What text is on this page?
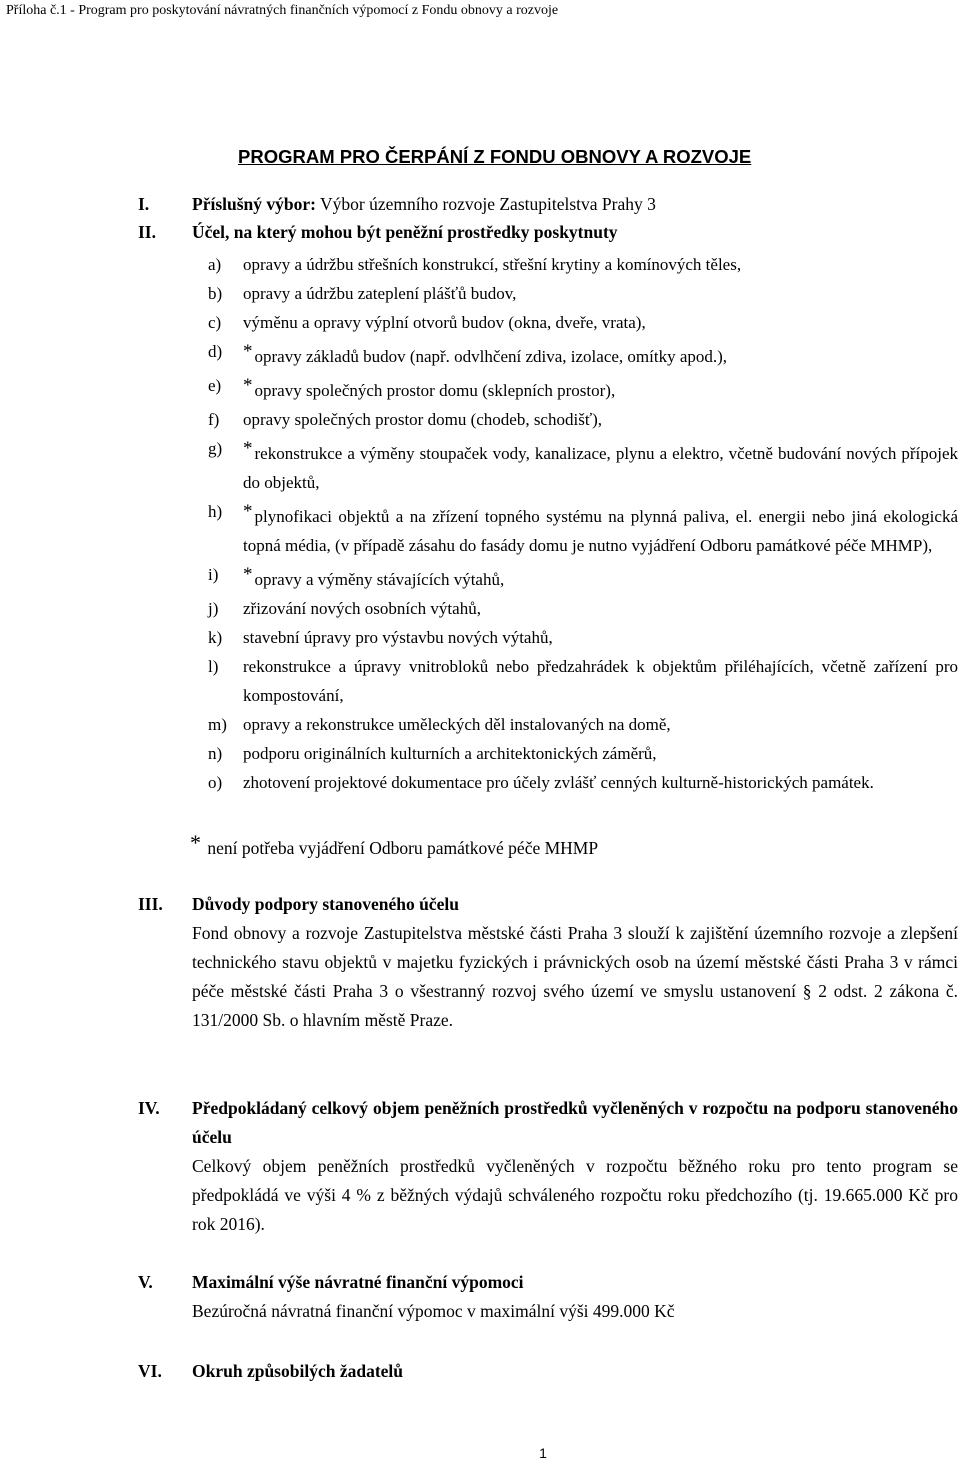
Příloha č.1 - Program pro poskytování návratných finančních výpomocí z Fondu obnovy a rozvoje
PROGRAM PRO ČERPÁNÍ Z FONDU OBNOVY A ROZVOJE
I.	Příslušný výbor: Výbor územního rozvoje Zastupitelstva Prahy 3
II.	Účel, na který mohou být peněžní prostředky poskytnuty
a) opravy a údržbu střešních konstrukcí, střešní krytiny a komínových těles,
b) opravy a údržbu zateplení plášťů budov,
c) výměnu a opravy výplní otvorů budov (okna, dveře, vrata),
d) * opravy základů budov (např. odvlhčení zdiva, izolace, omítky apod.),
e) * opravy společných prostor domu (sklepních prostor),
f) opravy společných prostor domu (chodeb, schodišť),
g) * rekonstrukce a výměny stoupaček vody, kanalizace, plynu a elektro, včetně budování nových přípojek do objektů,
h) * plynofikaci objektů a na zřízení topného systému na plynná paliva, el. energii nebo jiná ekologická topná média, (v případě zásahu do fasády domu je nutno vyjádření Odboru památkové péče MHMP),
i) * opravy a výměny stávajících výtahů,
j) zřizování nových osobních výtahů,
k) stavební úpravy pro výstavbu nových výtahů,
l) rekonstrukce a úpravy vnitrobloků nebo předzahrádek k objektům přiléhajících, včetně zařízení pro kompostování,
m) opravy a rekonstrukce uměleckých děl instalovaných na domě,
n) podporu originálních kulturních a architektonických záměrů,
o) zhotovení projektové dokumentace pro účely zvlášť cenných kulturně-historických památek.
* není potřeba vyjádření Odboru památkové péče MHMP
III. Důvody podpory stanoveného účelu
Fond obnovy a rozvoje Zastupitelstva městské části Praha 3 slouží k zajištění územního rozvoje a zlepšení technického stavu objektů v majetku fyzických i právnických osob na území městské části Praha 3 v rámci péče městské části Praha 3 o všestranný rozvoj svého území ve smyslu ustanovení § 2 odst. 2 zákona č. 131/2000 Sb. o hlavním městě Praze.
IV.	Předpokládaný celkový objem peněžních prostředků vyčleněných v rozpočtu na podporu stanoveného účelu
Celkový objem peněžních prostředků vyčleněných v rozpočtu běžného roku pro tento program se předpokládá ve výši 4 % z běžných výdajů schváleného rozpočtu roku předchozího (tj. 19.665.000 Kč pro rok 2016).
V.	Maximální výše návratné finanční výpomoci
Bezúročná návratná finanční výpomoc v maximální výši 499.000 Kč
VI.	Okruh způsobilých žadatelů
1
